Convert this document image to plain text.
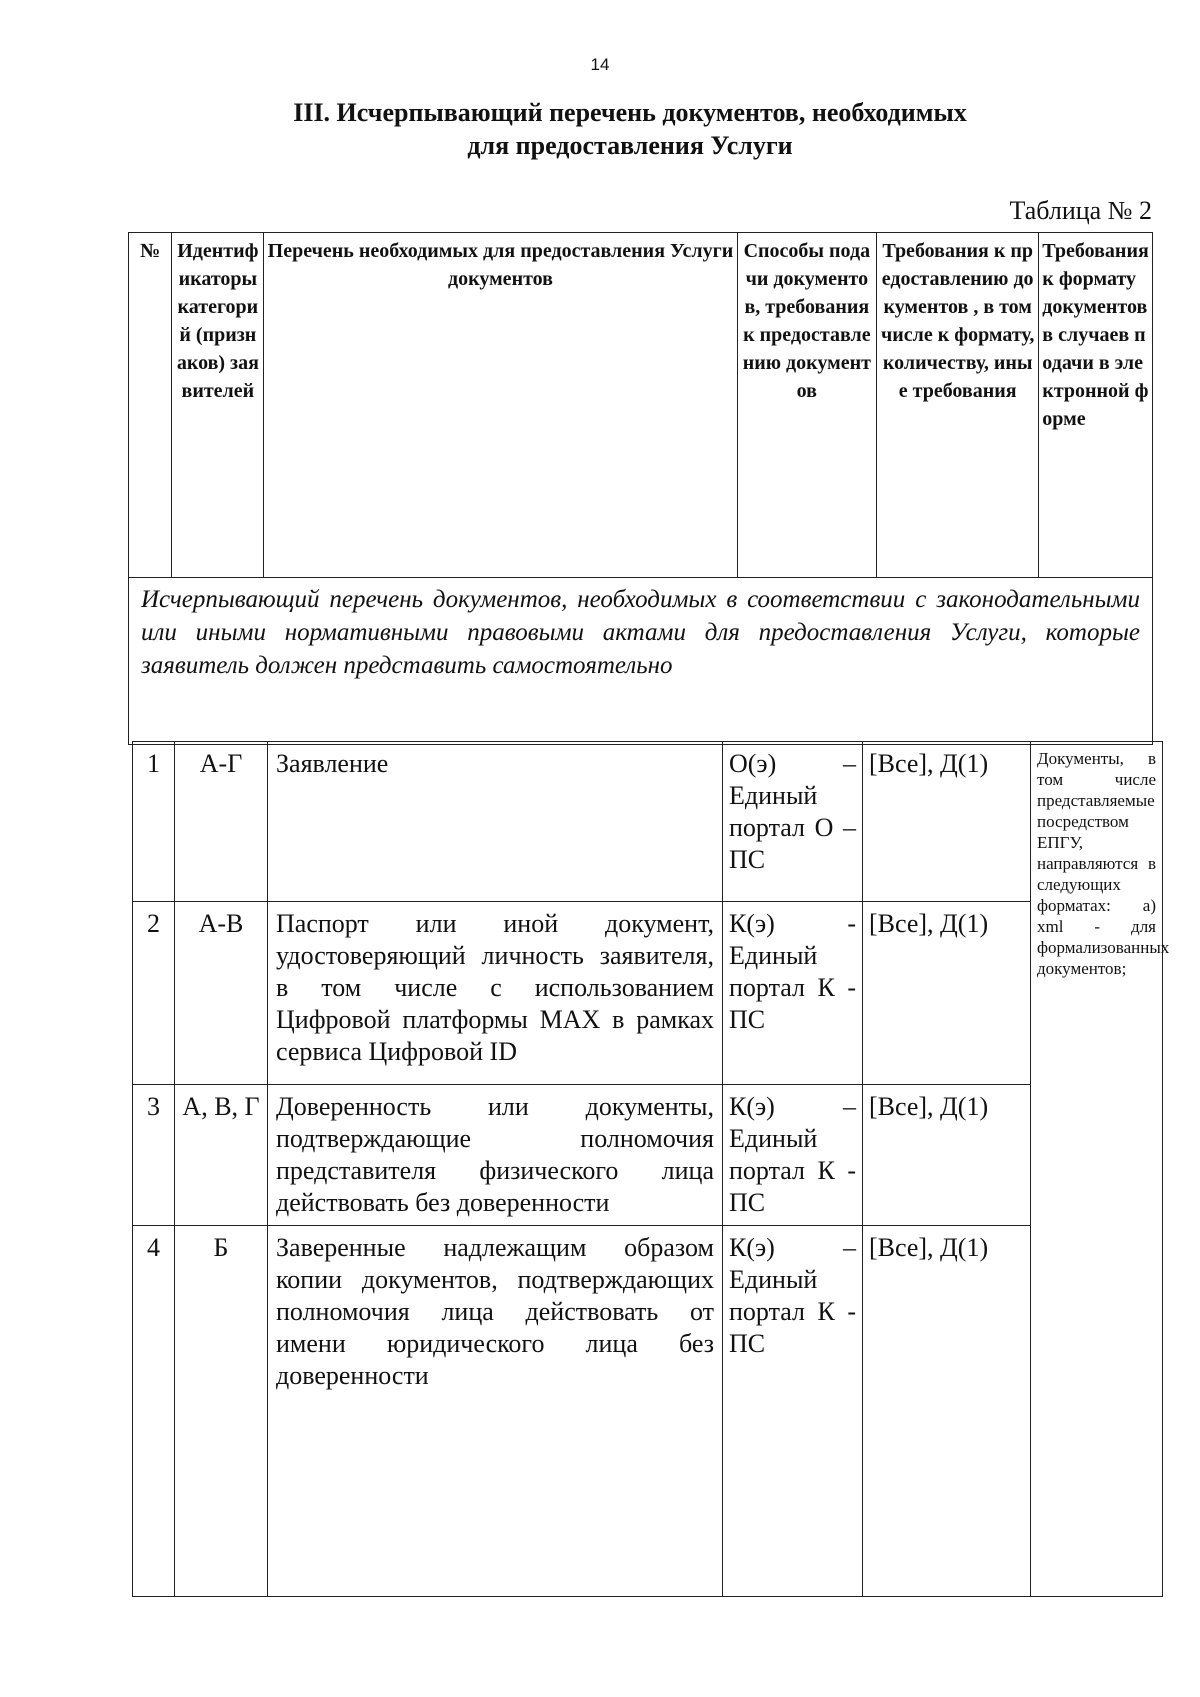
14
III. Исчерпывающий перечень документов, необходимых
для предоставления Услуги
Таблица № 2
№	Идентификаторы категорий (признаков) заявителей	Перечень необходимых для предоставления Услуги документов	Способы подачи документов, требования к предоставлению документов	Требования к предоставлению документов , в том числе к формату, количеству, иные требования	Требования к формату документов в случаев подачи в электронной форме

Исчерпывающий перечень документов, необходимых в соответствии с законодательными или иными нормативными правовыми актами для предоставления Услуги, которые заявитель должен представить самостоятельно

1	А-Г	Заявление	О(э) – Единый портал О – ПС	[Все], Д(1)	Документы, в том числе представляемые посредством ЕПГУ, направляются в следующих форматах: а) xml - для формализованных документов;
2	А-В	Паспорт или иной документ, удостоверяющий личность заявителя, в том числе с использованием Цифровой платформы МАХ в рамках сервиса Цифровой ID	К(э) - Единый портал К - ПС	[Все], Д(1)	
3	А, В, Г	Доверенность или документы, подтверждающие полномочия представителя физического лица действовать без доверенности	К(э) – Единый портал К - ПС	[Все], Д(1)	
4	Б	Заверенные надлежащим образом копии документов, подтверждающих полномочия лица действовать от имени юридического лица без доверенности	К(э) – Единый портал К - ПС	[Все], Д(1)	
